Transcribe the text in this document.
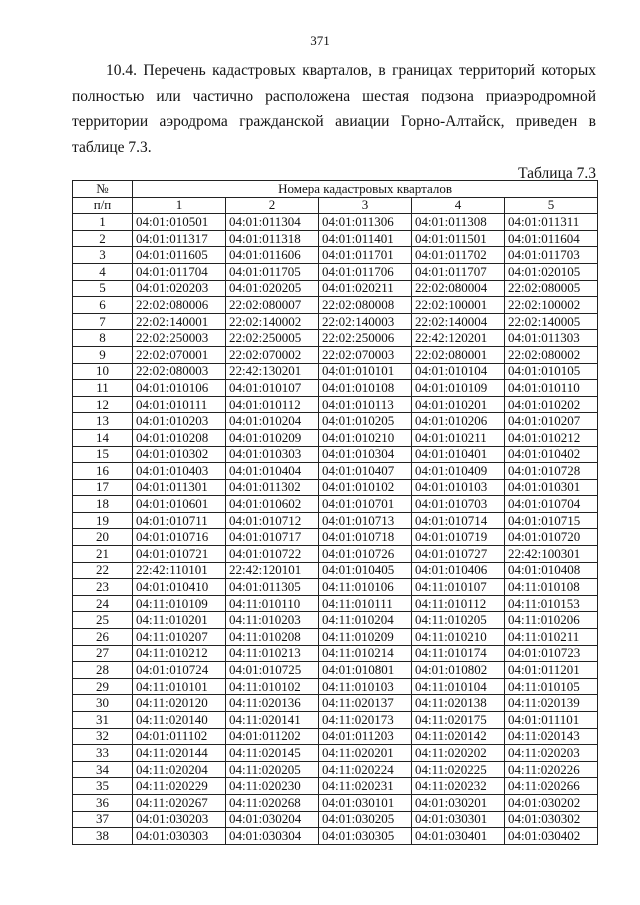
371
10.4. Перечень кадастровых кварталов, в границах территорий которых полностью или частично расположена шестая подзона приаэродромной территории аэродрома гражданской авиации Горно-Алтайск, приведен в таблице 7.3.
Таблица 7.3
№	Номера кадастровых кварталов				
п/п	1	2	3	4	5
1	04:01:010501	04:01:011304	04:01:011306	04:01:011308	04:01:011311
2	04:01:011317	04:01:011318	04:01:011401	04:01:011501	04:01:011604
3	04:01:011605	04:01:011606	04:01:011701	04:01:011702	04:01:011703
4	04:01:011704	04:01:011705	04:01:011706	04:01:011707	04:01:020105
5	04:01:020203	04:01:020205	04:01:020211	22:02:080004	22:02:080005
6	22:02:080006	22:02:080007	22:02:080008	22:02:100001	22:02:100002
7	22:02:140001	22:02:140002	22:02:140003	22:02:140004	22:02:140005
8	22:02:250003	22:02:250005	22:02:250006	22:42:120201	04:01:011303
9	22:02:070001	22:02:070002	22:02:070003	22:02:080001	22:02:080002
10	22:02:080003	22:42:130201	04:01:010101	04:01:010104	04:01:010105
11	04:01:010106	04:01:010107	04:01:010108	04:01:010109	04:01:010110
12	04:01:010111	04:01:010112	04:01:010113	04:01:010201	04:01:010202
13	04:01:010203	04:01:010204	04:01:010205	04:01:010206	04:01:010207
14	04:01:010208	04:01:010209	04:01:010210	04:01:010211	04:01:010212
15	04:01:010302	04:01:010303	04:01:010304	04:01:010401	04:01:010402
16	04:01:010403	04:01:010404	04:01:010407	04:01:010409	04:01:010728
17	04:01:011301	04:01:011302	04:01:010102	04:01:010103	04:01:010301
18	04:01:010601	04:01:010602	04:01:010701	04:01:010703	04:01:010704
19	04:01:010711	04:01:010712	04:01:010713	04:01:010714	04:01:010715
20	04:01:010716	04:01:010717	04:01:010718	04:01:010719	04:01:010720
21	04:01:010721	04:01:010722	04:01:010726	04:01:010727	22:42:100301
22	22:42:110101	22:42:120101	04:01:010405	04:01:010406	04:01:010408
23	04:01:010410	04:01:011305	04:11:010106	04:11:010107	04:11:010108
24	04:11:010109	04:11:010110	04:11:010111	04:11:010112	04:11:010153
25	04:11:010201	04:11:010203	04:11:010204	04:11:010205	04:11:010206
26	04:11:010207	04:11:010208	04:11:010209	04:11:010210	04:11:010211
27	04:11:010212	04:11:010213	04:11:010214	04:11:010174	04:01:010723
28	04:01:010724	04:01:010725	04:01:010801	04:01:010802	04:01:011201
29	04:11:010101	04:11:010102	04:11:010103	04:11:010104	04:11:010105
30	04:11:020120	04:11:020136	04:11:020137	04:11:020138	04:11:020139
31	04:11:020140	04:11:020141	04:11:020173	04:11:020175	04:01:011101
32	04:01:011102	04:01:011202	04:01:011203	04:11:020142	04:11:020143
33	04:11:020144	04:11:020145	04:11:020201	04:11:020202	04:11:020203
34	04:11:020204	04:11:020205	04:11:020224	04:11:020225	04:11:020226
35	04:11:020229	04:11:020230	04:11:020231	04:11:020232	04:11:020266
36	04:11:020267	04:11:020268	04:01:030101	04:01:030201	04:01:030202
37	04:01:030203	04:01:030204	04:01:030205	04:01:030301	04:01:030302
38	04:01:030303	04:01:030304	04:01:030305	04:01:030401	04:01:030402
